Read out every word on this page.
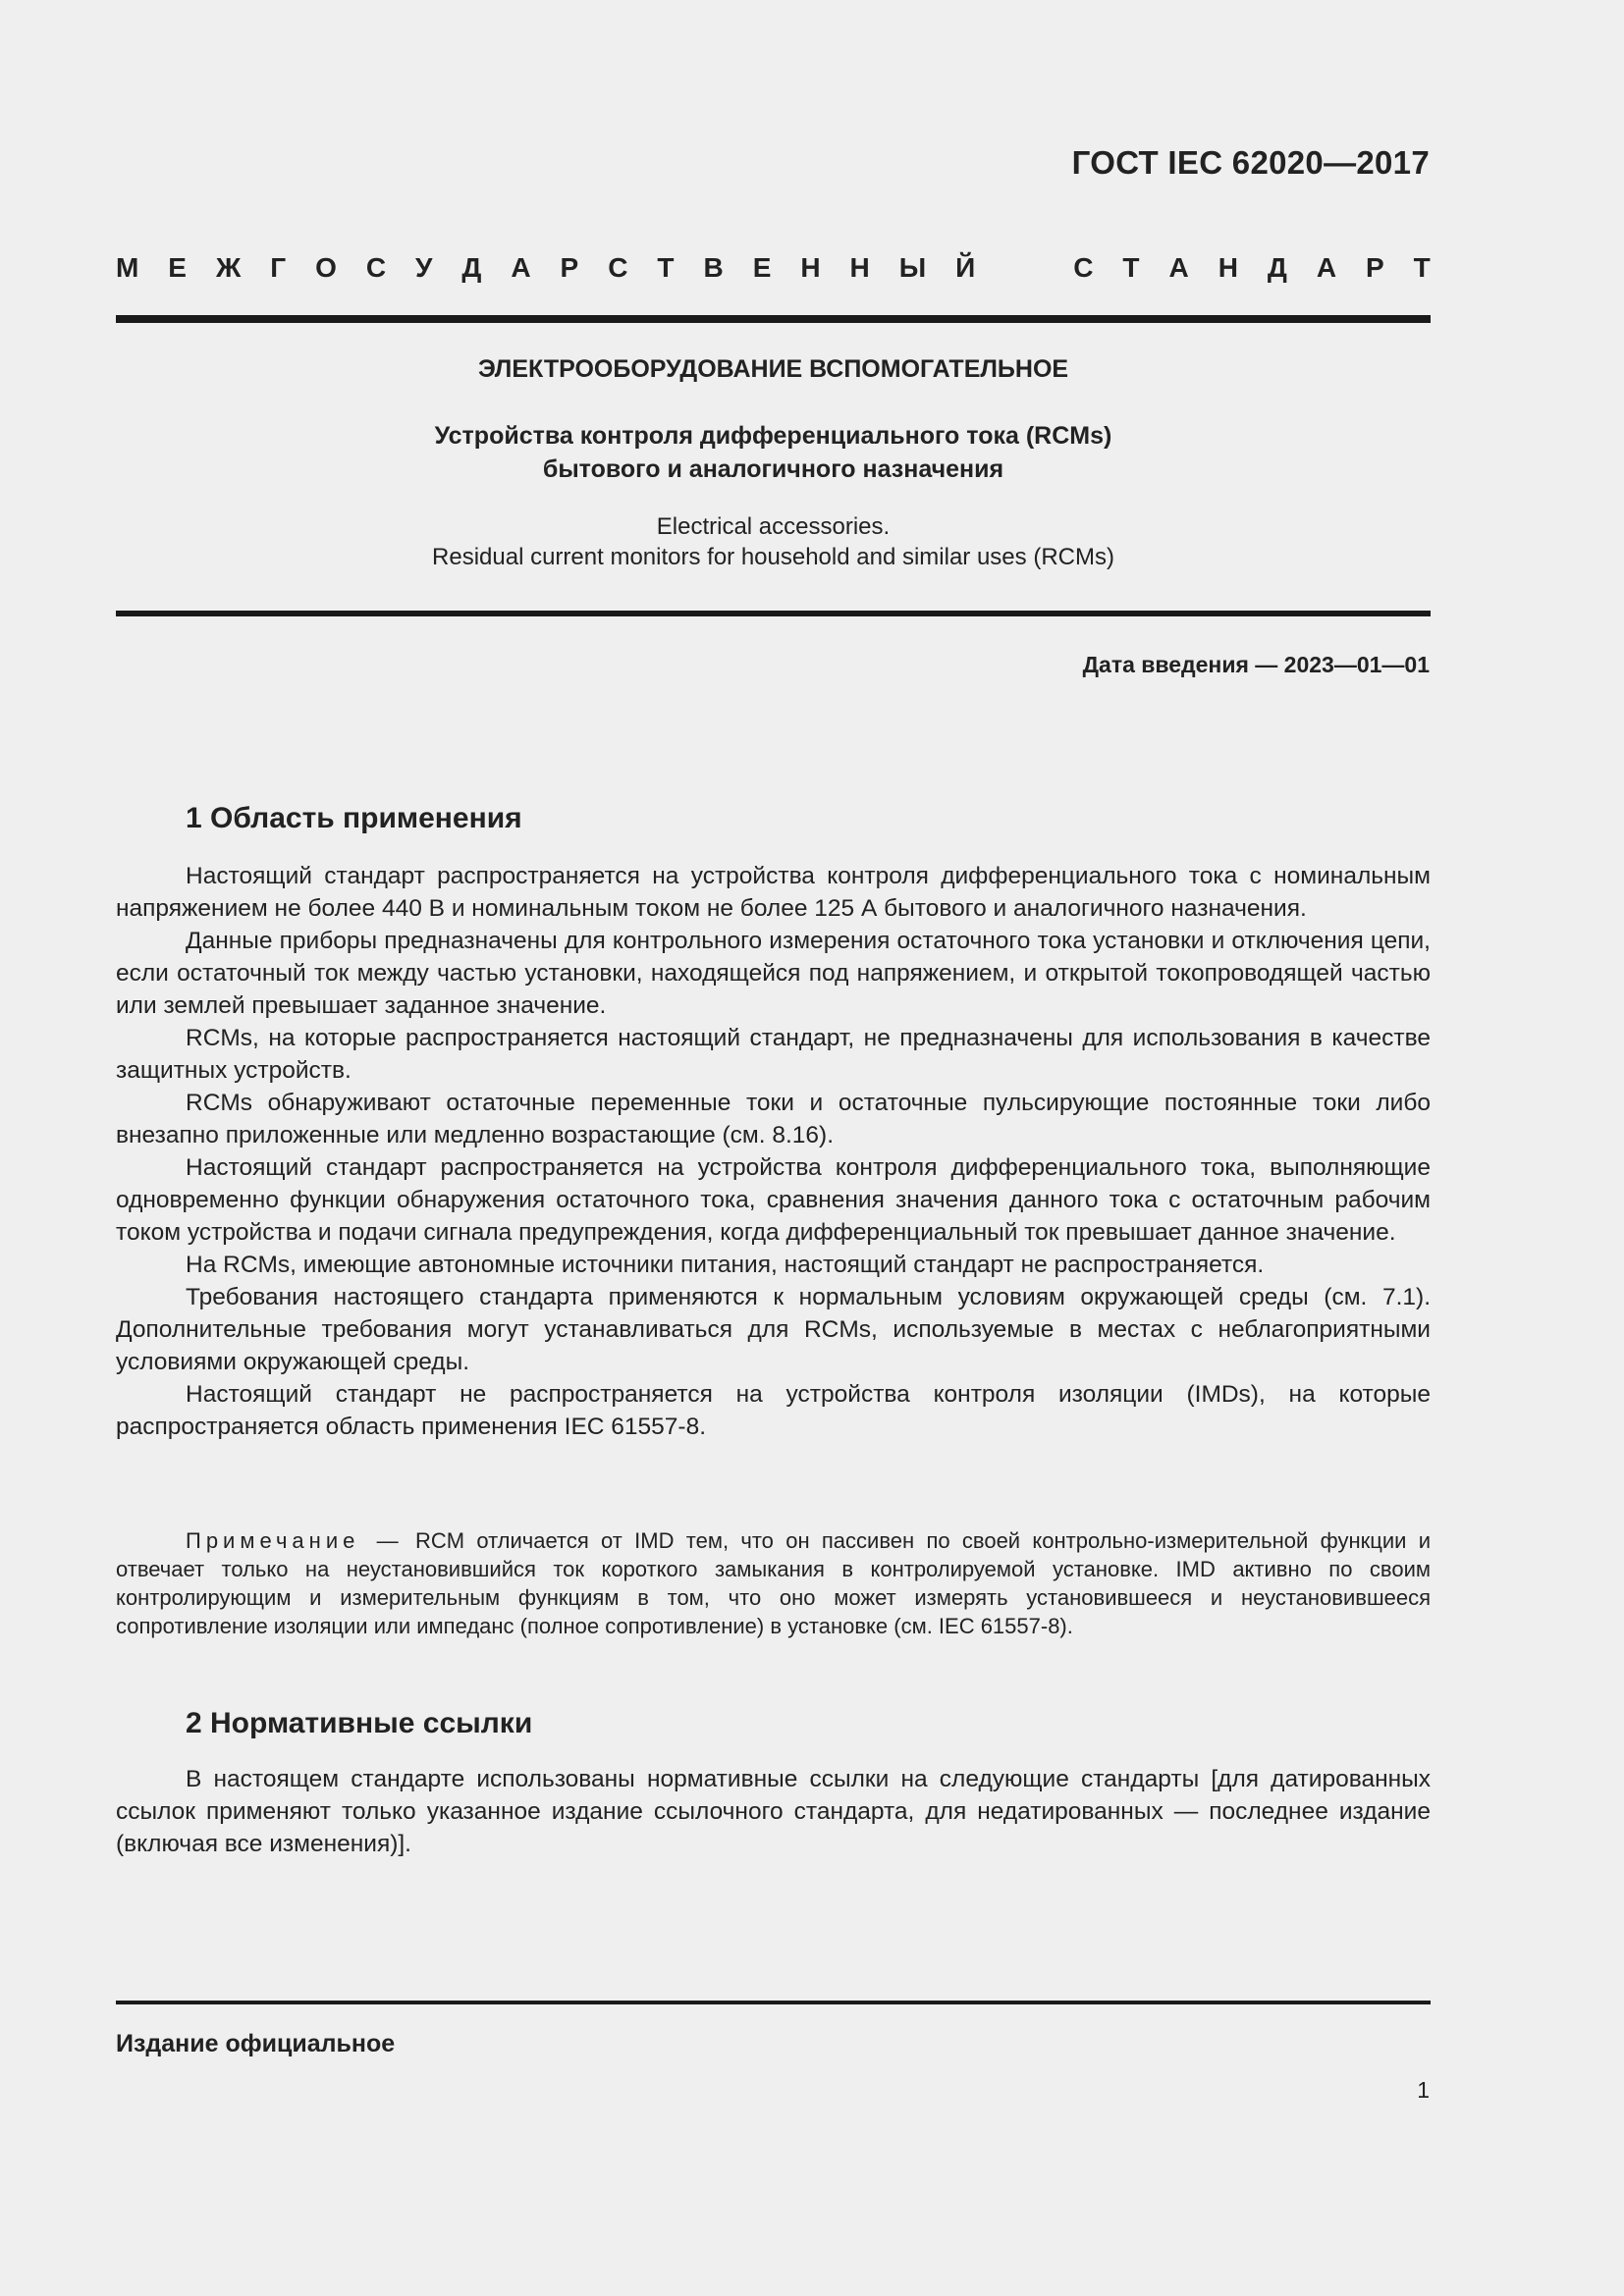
ГОСТ IEC 62020—2017
М Е Ж Г О С У Д А Р С Т В Е Н Н Ы Й	С Т А Н Д А Р Т
ЭЛЕКТРООБОРУДОВАНИЕ ВСПОМОГАТЕЛЬНОЕ
Устройства контроля дифференциального тока (RCMs)
бытового и аналогичного назначения
Electrical accessories.
Residual current monitors for household and similar uses (RCMs)
Дата введения — 2023—01—01
1 Область применения

Настоящий стандарт распространяется на устройства контроля дифференциального тока с номинальным напряжением не более 440 В и номинальным током не более 125 А бытового и аналогичного назначения.

Данные приборы предназначены для контрольного измерения остаточного тока установки и отключения цепи, если остаточный ток между частью установки, находящейся под напряжением, и открытой токопроводящей частью или землей превышает заданное значение.

RCMs, на которые распространяется настоящий стандарт, не предназначены для использования в качестве защитных устройств.

RCMs обнаруживают остаточные переменные токи и остаточные пульсирующие постоянные токи либо внезапно приложенные или медленно возрастающие (см. 8.16).

Настоящий стандарт распространяется на устройства контроля дифференциального тока, выполняющие одновременно функции обнаружения остаточного тока, сравнения значения данного тока с остаточным рабочим током устройства и подачи сигнала предупреждения, когда дифференциальный ток превышает данное значение.

На RCMs, имеющие автономные источники питания, настоящий стандарт не распространяется.

Требования настоящего стандарта применяются к нормальным условиям окружающей среды (см. 7.1). Дополнительные требования могут устанавливаться для RCMs, используемые в местах с неблагоприятными условиями окружающей среды.

Настоящий стандарт не распространяется на устройства контроля изоляции (IMDs), на которые распространяется область применения IEC 61557-8.

Примечание — RCM отличается от IMD тем, что он пассивен по своей контрольно-измерительной функции и отвечает только на неустановившийся ток короткого замыкания в контролируемой установке. IMD активно по своим контролирующим и измерительным функциям в том, что оно может измерять установившееся и неустановившееся сопротивление изоляции или импеданс (полное сопротивление) в установке (см. IEC 61557-8).

2 Нормативные ссылки

В настоящем стандарте использованы нормативные ссылки на следующие стандарты [для датированных ссылок применяют только указанное издание ссылочного стандарта, для недатированных — последнее издание (включая все изменения)].

Издание официальное
1
